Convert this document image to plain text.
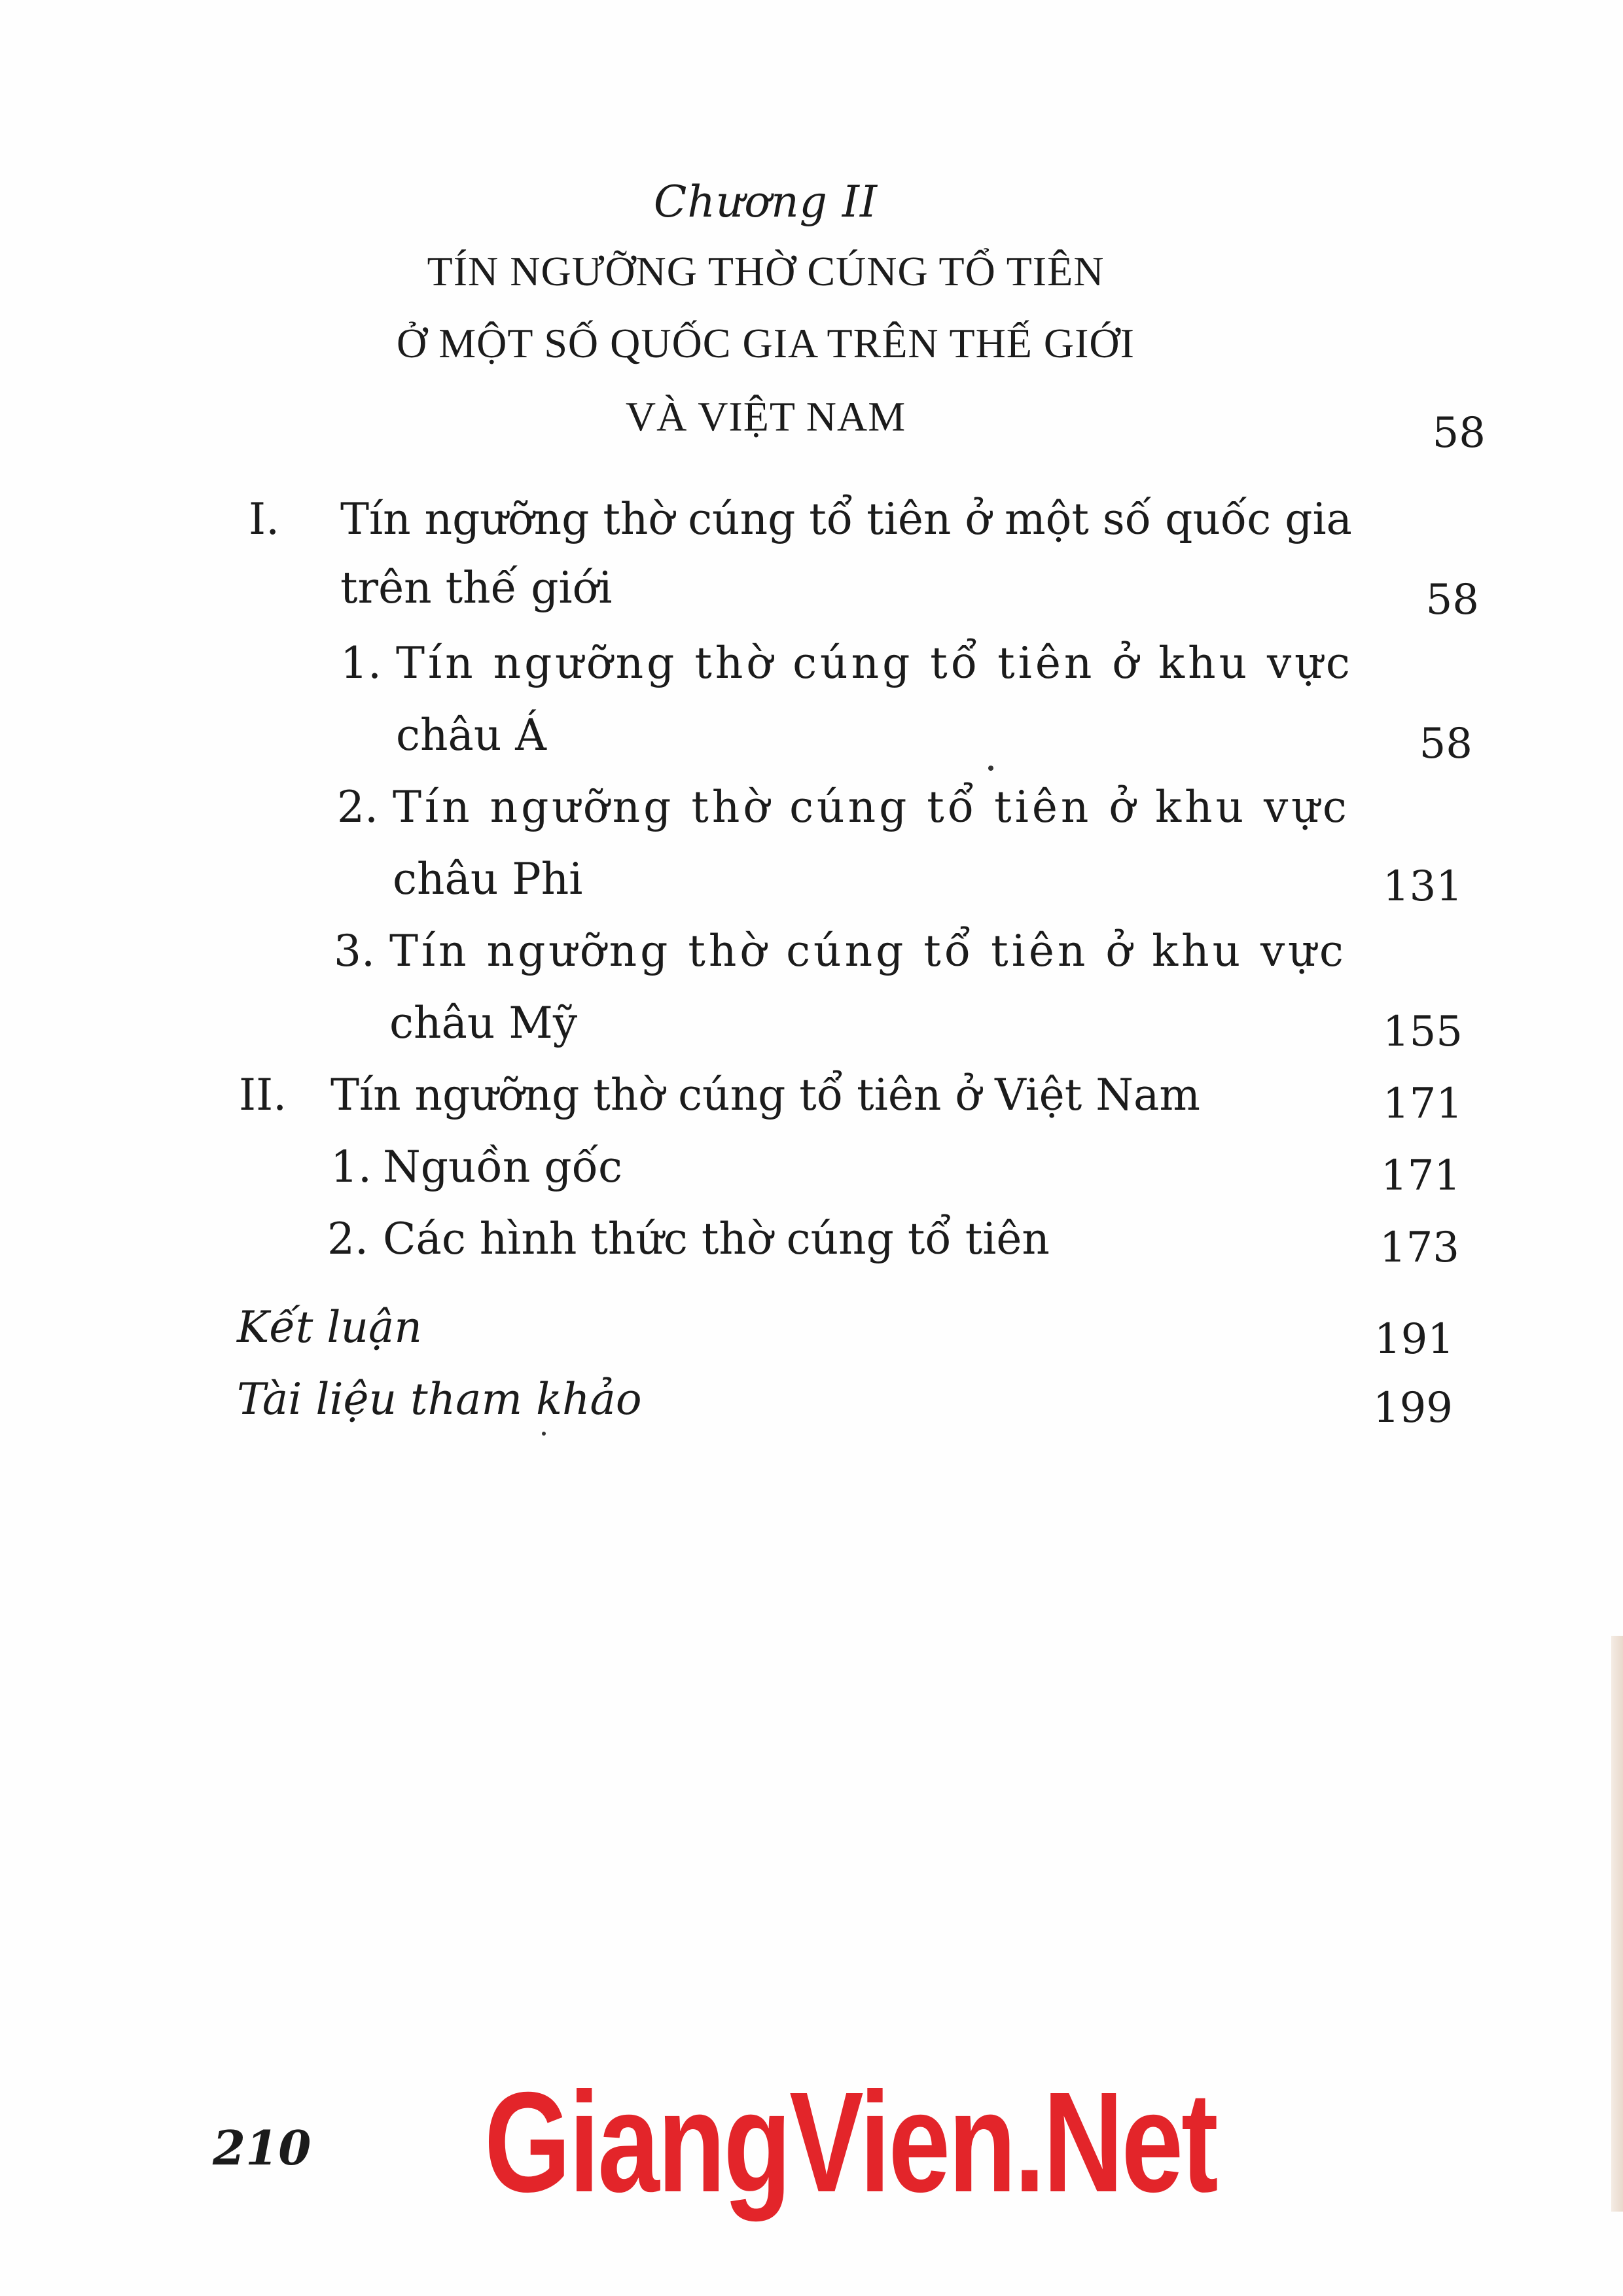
Chương II
TÍN NGƯỠNG THỜ CÚNG TỔ TIÊN
Ở MỘT SỐ QUỐC GIA TRÊN THẾ GIỚI
VÀ VIỆT NAM	58
I. Tín ngưỡng thờ cúng tổ tiên ở một số quốc gia
trên thế giới	58
1. Tín ngưỡng thờ cúng tổ tiên ở khu vực
châu Á	58
2. Tín ngưỡng thờ cúng tổ tiên ở khu vực
châu Phi	131
3. Tín ngưỡng thờ cúng tổ tiên ở khu vực
châu Mỹ	155
II. Tín ngưỡng thờ cúng tổ tiên ở Việt Nam	171
1. Nguồn gốc	171
2. Các hình thức thờ cúng tổ tiên	173
Kết luận	191
Tài liệu tham khảo	199
210 GiangVien.Net
